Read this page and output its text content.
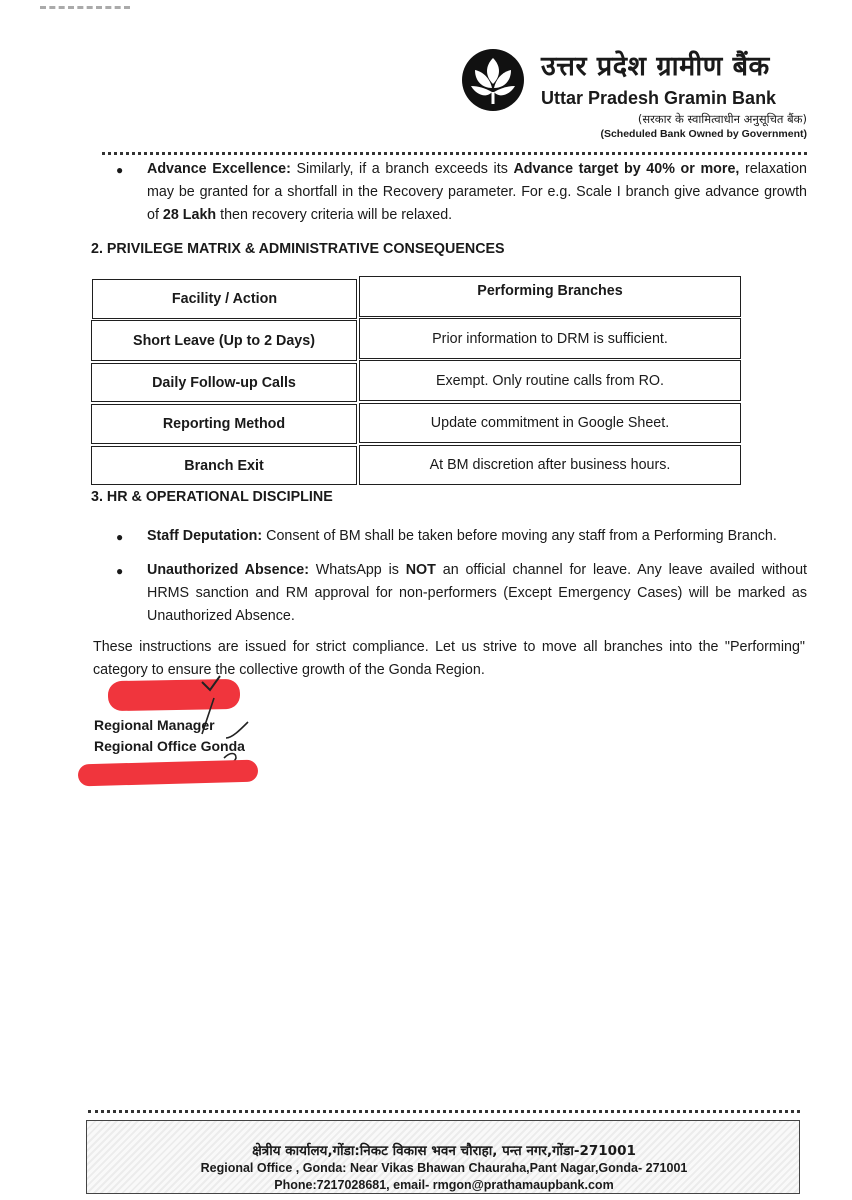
उत्तर प्रदेश ग्रामीण बैंक
Uttar Pradesh Gramin Bank
(सरकार के स्वामित्वाधीन अनुसूचित बैंक)
(Scheduled Bank Owned by Government)
● Advance Excellence: Similarly, if a branch exceeds its Advance target by 40% or more, relaxation may be granted for a shortfall in the Recovery parameter. For e.g. Scale I branch give advance growth of 28 Lakh then recovery criteria will be relaxed.
2. PRIVILEGE MATRIX & ADMINISTRATIVE CONSEQUENCES
Facility / Action	Performing Branches
Short Leave (Up to 2 Days)	Prior information to DRM is sufficient.
Daily Follow-up Calls	Exempt. Only routine calls from RO.
Reporting Method	Update commitment in Google Sheet.
Branch Exit	At BM discretion after business hours.
3. HR & OPERATIONAL DISCIPLINE
● Staff Deputation: Consent of BM shall be taken before moving any staff from a Performing Branch.
● Unauthorized Absence: WhatsApp is NOT an official channel for leave. Any leave availed without HRMS sanction and RM approval for non-performers (Except Emergency Cases) will be marked as Unauthorized Absence.
These instructions are issued for strict compliance. Let us strive to move all branches into the "Performing" category to ensure the collective growth of the Gonda Region.
Regional Manager
Regional Office Gonda
क्षेत्रीय कार्यालय,गोंडा:निकट विकास भवन चौराहा, पन्त नगर,गोंडा-271001
Regional Office , Gonda: Near Vikas Bhawan Chauraha,Pant Nagar,Gonda- 271001
Phone:7217028681, email- rmgon@prathamaupbank.com
